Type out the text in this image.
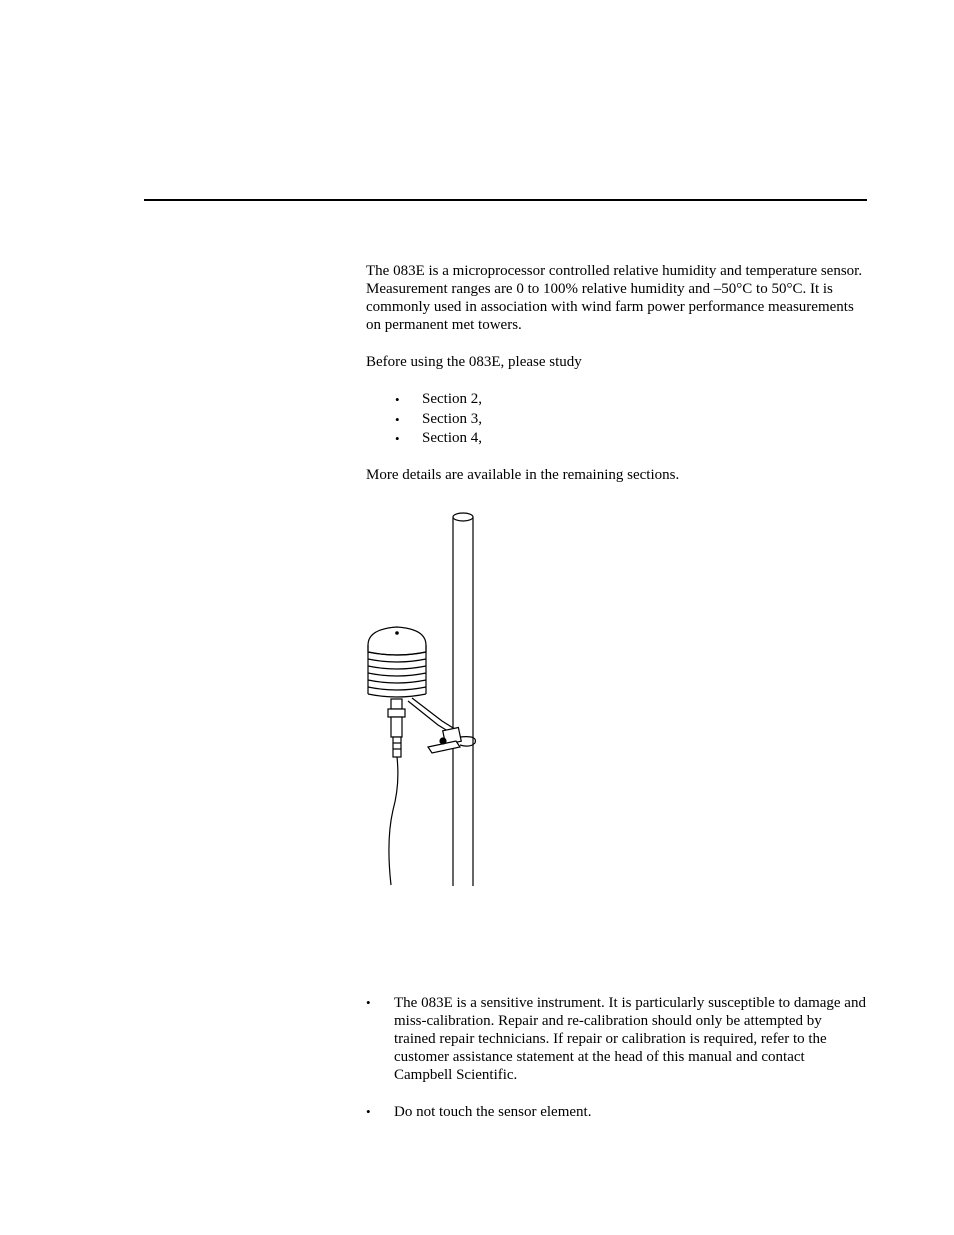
The 083E is a microprocessor controlled relative humidity and temperature sensor. Measurement ranges are 0 to 100% relative humidity and –50°C to 50°C. It is commonly used in association with wind farm power performance measurements on permanent met towers.

Before using the 083E, please study

• Section 2,
• Section 3,
• Section 4,

More details are available in the remaining sections.

• The 083E is a sensitive instrument. It is particularly susceptible to damage and miss-calibration. Repair and re-calibration should only be attempted by trained repair technicians. If repair or calibration is required, refer to the customer assistance statement at the head of this manual and contact Campbell Scientific.
• Do not touch the sensor element.
